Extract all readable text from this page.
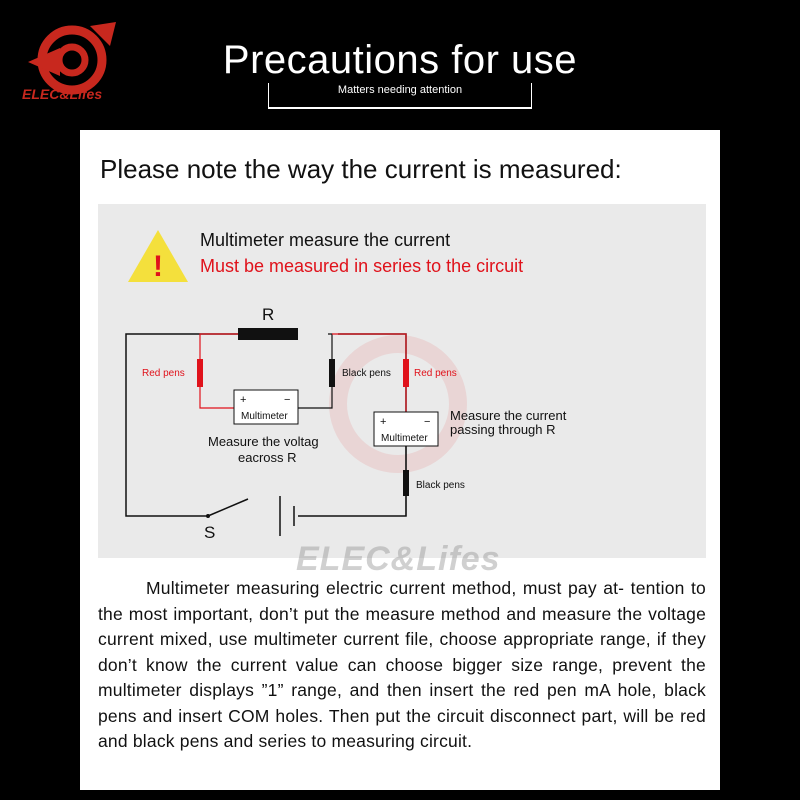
ELEC&Lifes
Precautions for use
Matters needing attention
Please note the way the current is measured:
R
S
Red pens	Black pens Red pens
Black pens
+	−
Multimeter	+	−
Multimeter
Measure the voltag
eacross R
Measure the current
passing through R
!
Multimeter measure the current
Must be measured in series to the circuit
ELEC&Lifes
Multimeter measuring electric current method, must pay at- tention to the most important, don’t put the measure method and measure the voltage current mixed, use multimeter current file, choose appropriate range, if they don’t know the current value can choose bigger size range, prevent the multimeter displays ”1” range, and then insert the red pen mA hole, black pens and insert COM holes. Then put the circuit disconnect part, will be red and black pens and series to measuring circuit.
